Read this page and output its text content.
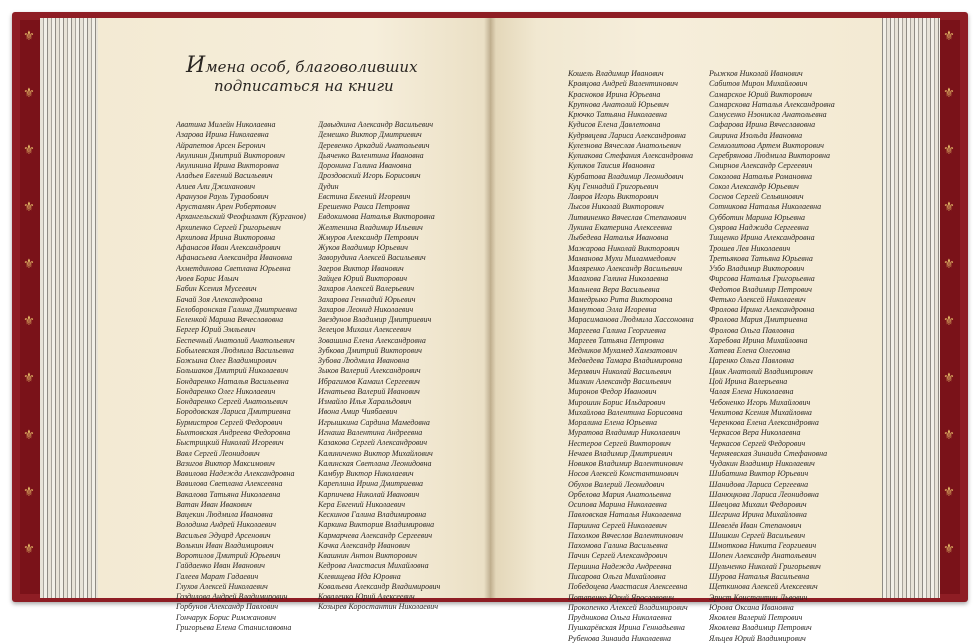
⚜
⚜
⚜
⚜
⚜
⚜
⚜
⚜
⚜
⚜
⚜
⚜
⚜
⚜
⚜
⚜
⚜
⚜
⚜
⚜
Имена особ, благоволивших
подписаться на книги
Аватина Милейн Николаевна
Азарова Ирина Николаевна
Айрапетов Арсен Беронич
Акулинин Дмитрий Викторович
Акулинина Ирина Викторовна
Аладьев Евгений Васильевич
Алиев Али Джиханович
Аранузов Рауль Тураобович
Арустамян Арен Робертович
Архангельский Феофилакт (Курганов)
Архипенко Сергей Григорьевич
Архипова Ирина Викторовна
Афанасов Иван Александрович
Афанасьева Александра Ивановна
Ахметдинова Светлана Юрьевна
Аюев Борис Ильич
Бабин Ксения Мусеевич
Бачай Зоя Александровна
Белоборонская Галина Дмитриевна
Беленкой Марина Вячеславовна
Бергер Юрий Эмльевич
Беспечный Анатолий Анатольевич
Бобылевская Людмила Васильевна
Божьина Олег Владимирович
Большаков Дмитрий Николаевич
Бондаренко Наталья Васильевна
Бондаренко Олег Николаевич
Бондаренко Сергей Анатольевич
Бородовская Лариса Дмитриевна
Бурмистров Сергей Федорович
Быхтовская Андреева Федоровна
Быстрицкий Николай Игоревич
Вавл Сергей Леонидович
Вазигов Виктор Максимович
Вавилова Надежда Александровна
Вавилова Светлана Алексеевна
Вакалова Татьяна Николаевна
Ватан Иван Ивакович
Вацекин Людмила Ивановна
Володина Андрей Николаевич
Васильев Эдуард Арсенович
Волькин Иван Владимирович
Воротилов Дмитрий Юрьевич
Гайдаенко Иван Иванович
Галеев Марат Гадаевич
Глухов Алексей Николаевич
Гоздилова Андрей Владимирович
Горбунов Александр Павлович
Гончарук Борис Римжанович
Григорьева Елена Станиславовна
Давыдкина Александр Васильевич
Демешко Виктор Дмитриевич
Деревенко Аркадий Анатольевич
Дьяченко Валентина Ивановна
Доронина Галина Ивановна
Дроздовский Игорь Борисович
Дудин
Евстина Евгений Игоревич
Ерешенко Раиса Петровна
Евдокимова Наталья Викторовна
Желтенина Владимир Ильевич
Жмуров Александр Петрович
Жуков Владимир Юрьевич
Заворудина Алексей Васильевич
Заеров Виктор Иванович
Зайцев Юрий Викторович
Захаров Алексей Валерьевич
Захарова Геннадий Юрьевич
Захаров Леонид Николаевич
Звездунов Владимир Дмитриевич
Зелецов Михаил Алексеевич
Зовашина Елена Александровна
Зубкова Дмитрий Викторович
Зубова Людмила Ивановна
Зыков Валерий Александрович
Ибрагимов Камаил Сергеевич
Игнатьева Валерий Иванович
Измайло Илья Харальдович
Ивона Амир Чиябаевич
Игрышкина Сардина Мамедовна
Игнаша Валентина Андреевна
Казакова Сергей Александрович
Калиниченко Виктор Михайлович
Калинская Светлана Леонидовна
Камбур Виктор Николаевич
Кареплина Ирина Дмитриевна
Карпичева Николай Иванович
Кера Евгений Николаевич
Кескинов Галина Владимировна
Каркина Виктория Владимировна
Кармарчева Александр Сергеевич
Качка Александр Иванович
Квашнин Антон Викторович
Кедрова Анастасия Михайловна
Клевищева Ида Юровна
Ковальева Александр Владимирович
Коваленко Юрий Алексеевич
Козырев Коростантин Николаевич
Кошель Владимир Иванович
Кравцова Андрей Валентинович
Красноков Ирина Юрьевна
Крупнова Анатолий Юрьевич
Крючко Татьяна Николаевна
Кудисов Елена Давлетовна
Кудрявцева Лариса Александровна
Кулезнова Вячеслав Анатольевич
Кулиакова Стефания Александровна
Куликов Таисия Ивановна
Курбатова Владимир Леонидович
Куц Геннадий Григорьевич
Лавров Игорь Викторович
Лысов Николай Викторович
Литвиненко Вячеслав Степанович
Лукина Екатерина Алексеевна
Лыбедева Наталья Ивановна
Мажарова Николай Викторович
Маманова Мухи Миламмедович
Маляренко Александр Васильевич
Малахова Галина Николаевна
Мальнева Вера Васильевна
Мамедрыко Рита Викторовна
Мамутова Элла Игоревна
Марасиманова Людмила Хассоновна
Маргеева Галина Георгиевна
Маргеев Татьяна Петровна
Медников Мухамед Хамзатович
Медведева Тамара Владимировна
Мерлявич Николай Васильевич
Милкин Александр Васильевич
Миронов Федор Иванович
Мирошин Борис Ильдарович
Михайлова Валентина Борисовна
Моралина Елена Юрьевна
Муратова Владимир Николаевич
Нестеров Сергей Викторович
Нечаев Владимир Дмитриевич
Новиков Владимир Валентинович
Носов Алексей Константинович
Обухов Валерий Леонидович
Орбелова Мария Анатольевна
Осипова Марина Николаевна
Павловская Наталья Николаевна
Паршина Сергей Николаевич
Пахолков Вячеслав Валентинович
Пахомова Галина Васильевна
Пачин Сергей Александрович
Першина Надежда Андреевна
Писарова Ольга Михайловна
Победоцева Анастасия Алексеевна
Потапенко Юрий Ярославович
Прокопенко Алексей Владимирович
Прудникова Ольга Николаевна
Пушкарёвская Ирина Геннадьевна
Рубенова Зинаида Николаевна
Рыжков Николай Иванович
Сабитов Мирон Михайлович
Самарское Юрий Викторович
Самарскова Наталья Александровна
Самусенко Нэоникла Анатольевна
Сафарова Ирина Вячеславовна
Свирина Изольда Ивановна
Семиолитова Артем Викторович
Серебрянова Людмила Викторовна
Смирнов Александр Сергеевич
Соколова Наталья Романовна
Сокол Александр Юрьевич
Соснов Сергей Сельвинович
Сотникова Наталья Николаевна
Субботин Марина Юрьевна
Суярова Наджида Сергеевна
Тищенко Ирина Александровна
Трошев Лев Николаевич
Третьякова Татьяна Юрьевна
Узбо Владимир Викторович
Фирсова Наталья Григорьевна
Федотов Владимир Петрович
Фетько Алексей Николаевич
Фролова Ирина Александровна
Фролова Мария Дмитриевна
Фролова Ольга Павловна
Харебова Ирина Михайловна
Хатева Елена Олеговна
Царенко Ольга Павловна
Цвик Анатолий Владимирович
Цой Ирина Валерьевна
Чалая Елена Николаевна
Чебоненко Игорь Михайлович
Чекитова Ксения Михайловна
Черенкова Елена Александровна
Черкасов Вера Николаевна
Черкасов Сергей Федорович
Черняевская Зинаида Стефановна
Чудакин Владимир Николаевич
Шибатина Виктор Юрьевич
Шанидова Лариса Сергеевна
Шанюцкова Лариса Леонидовна
Швецова Михаил Федорович
Шегрина Ирина Михайловна
Шевелёв Иван Степанович
Шишкин Сергей Васильевич
Шмоткова Никита Георгиевич
Шопен Александр Анатольевич
Шульченко Николай Григорьевич
Шурова Наталья Васильевна
Щеткинова Алексей Алексеевич
Эрнст Константин Львович
Юрова Оксана Ивановна
Яковлев Валерий Петрович
Яковлева Владимир Петрович
Яльцев Юрий Владимирович
